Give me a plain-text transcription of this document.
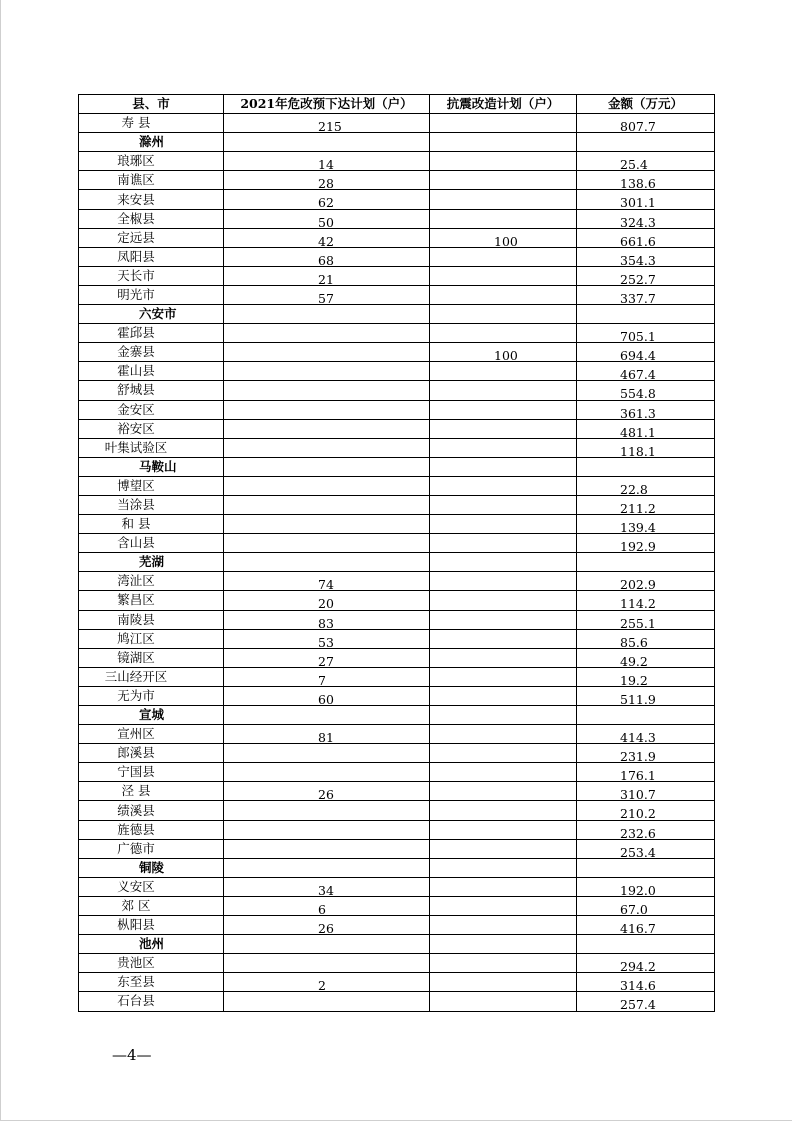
县、市	2021年危改预下达计划（户）	抗震改造计划（户）	金额（万元）
寿 县	215		807.7

滁州	

琅琊区	14		25.4

南谯区	28		138.6

来安县	62		301.1

全椒县	50		324.3

定远县	42	100	661.6

凤阳县	68		354.3

天长市	21		252.7

明光市	57		337.7

六安市	

霍邱县			705.1

金寨县		100	694.4

霍山县			467.4

舒城县			554.8

金安区			361.3

裕安区			481.1

叶集试验区			118.1

马鞍山	

博望区			22.8

当涂县			211.2

和 县			139.4

含山县			192.9

芜湖	

湾沚区	74		202.9

繁昌区	20		114.2

南陵县	83		255.1

鸠江区	53		85.6

镜湖区	27		49.2

三山经开区	7		19.2

无为市	60		511.9

宣城	

宣州区	81		414.3

郎溪县			231.9

宁国县			176.1

泾 县	26		310.7

绩溪县			210.2

旌德县			232.6

广德市			253.4

铜陵	

义安区	34		192.0

郊 区	6		67.0

枞阳县	26		416.7

池州	

贵池区			294.2

东至县	2		314.6

石台县			257.4
—4—
